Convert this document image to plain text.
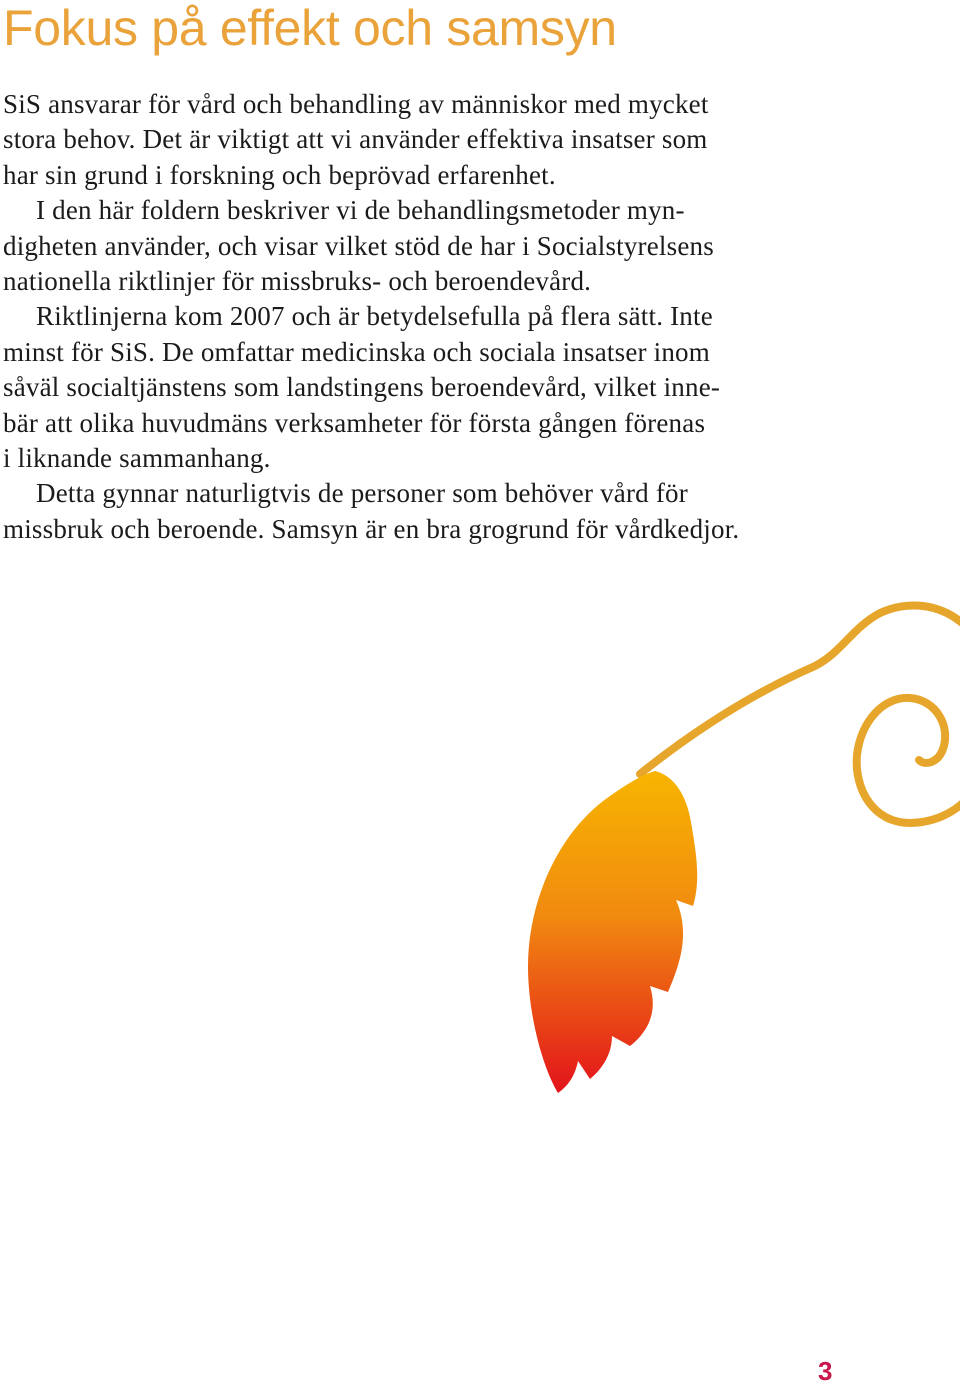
Fokus på effekt och samsyn

SiS ansvarar för vård och behandling av människor med mycket
stora behov. Det är viktigt att vi använder effektiva insatser som
har sin grund i forskning och beprövad erfarenhet.

I den här foldern beskriver vi de behandlingsmetoder myn-
digheten använder, och visar vilket stöd de har i Socialstyrelsens
nationella riktlinjer för missbruks- och beroendevård.

Riktlinjerna kom 2007 och är betydelsefulla på flera sätt. Inte
minst för SiS. De omfattar medicinska och sociala insatser inom
såväl socialtjänstens som landstingens beroendevård, vilket inne-
bär att olika huvudmäns verksamheter för första gången förenas
i liknande sammanhang.

Detta gynnar naturligtvis de personer som behöver vård för
missbruk och beroende. Samsyn är en bra grogrund för vårdkedjor.

3
